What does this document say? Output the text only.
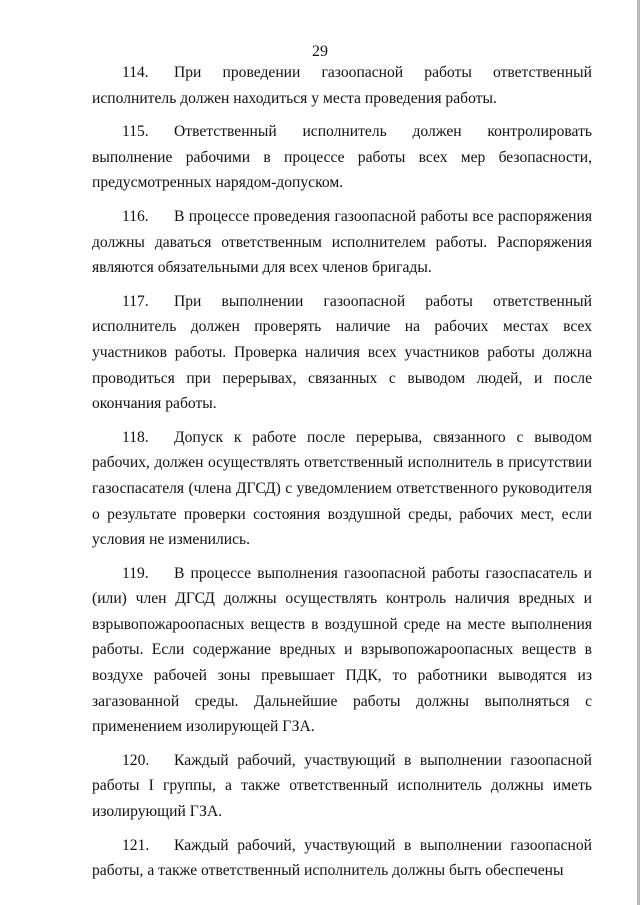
29

114. При проведении газоопасной работы ответственный исполнитель должен находиться у места проведения работы.

115. Ответственный исполнитель должен контролировать выполнение рабочими в процессе работы всех мер безопасности, предусмотренных нарядом-допуском.

116. В процессе проведения газоопасной работы все распоряжения должны даваться ответственным исполнителем работы. Распоряжения являются обязательными для всех членов бригады.

117. При выполнении газоопасной работы ответственный исполнитель должен проверять наличие на рабочих местах всех участников работы. Проверка наличия всех участников работы должна проводиться при перерывах, связанных с выводом людей, и после окончания работы.

118. Допуск к работе после перерыва, связанного с выводом рабочих, должен осуществлять ответственный исполнитель в присутствии газоспасателя (члена ДГСД) с уведомлением ответственного руководителя о результате проверки состояния воздушной среды, рабочих мест, если условия не изменились.

119. В процессе выполнения газоопасной работы газоспасатель и (или) член ДГСД должны осуществлять контроль наличия вредных и взрывопожароопасных веществ в воздушной среде на месте выполнения работы. Если содержание вредных и взрывопожароопасных веществ в воздухе рабочей зоны превышает ПДК, то работники выводятся из загазованной среды. Дальнейшие работы должны выполняться с применением изолирующей ГЗА.

120. Каждый рабочий, участвующий в выполнении газоопасной работы I группы, а также ответственный исполнитель должны иметь изолирующий ГЗА.

121. Каждый рабочий, участвующий в выполнении газоопасной работы, а также ответственный исполнитель должны быть обеспечены
